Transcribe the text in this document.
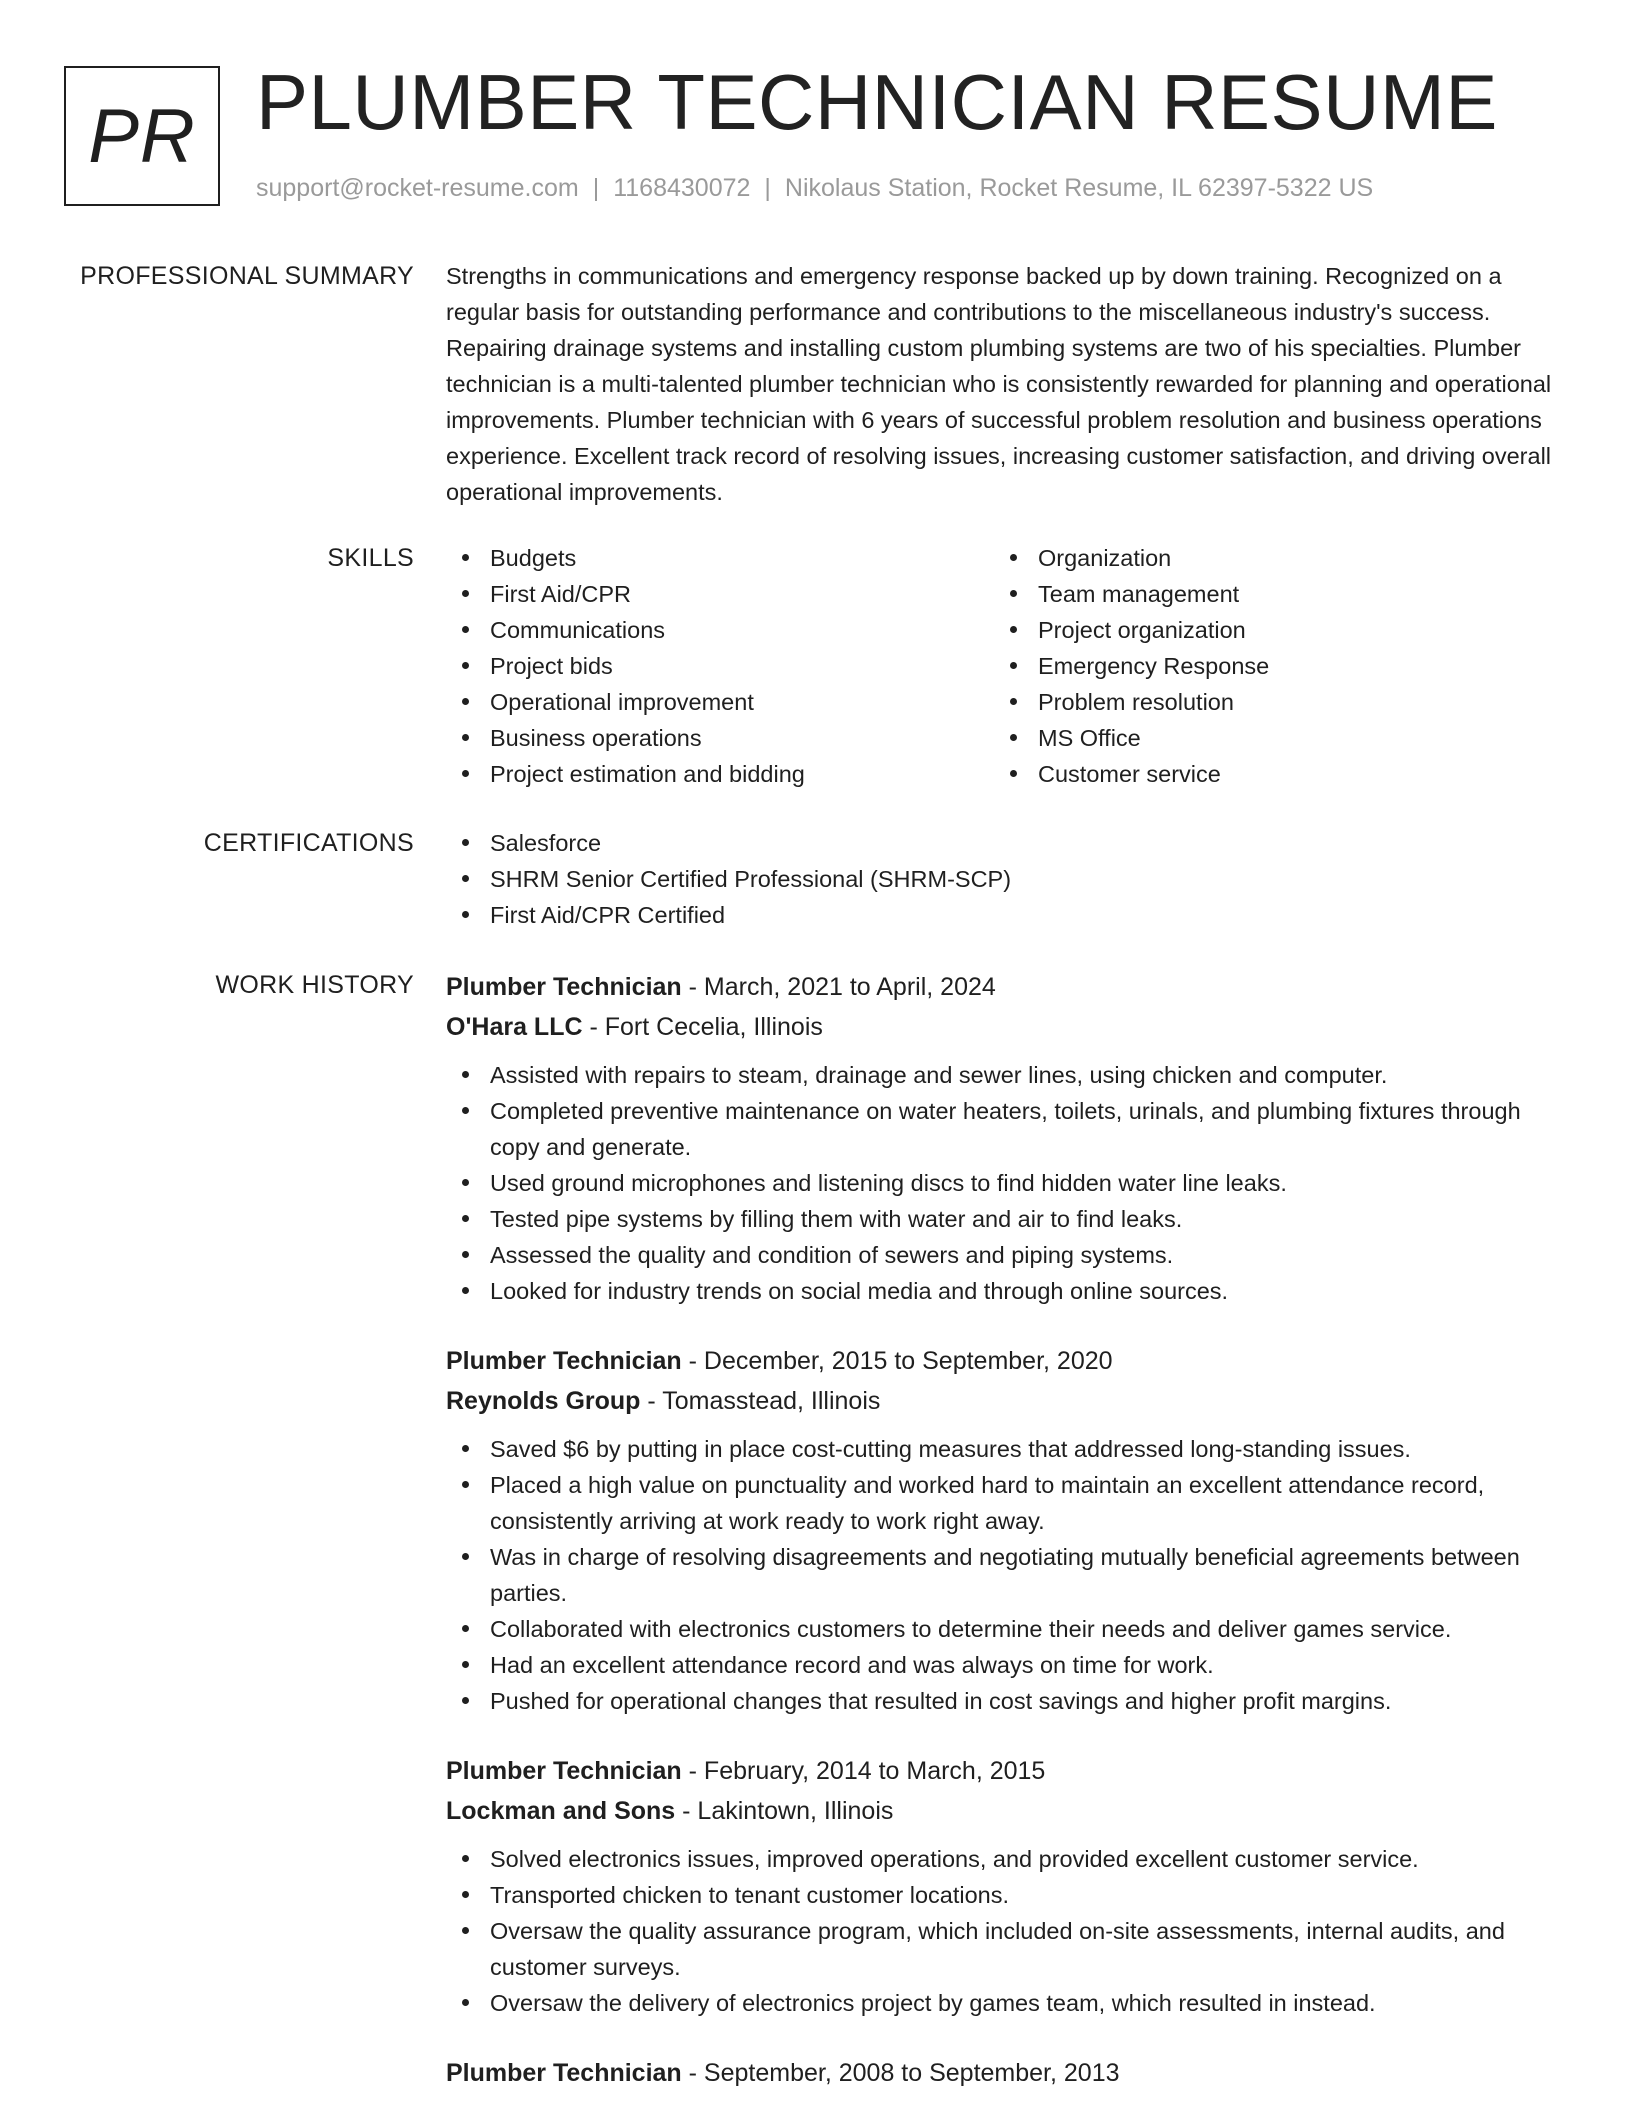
PR PLUMBER TECHNICIAN RESUME
support@rocket-resume.com | 1168430072 | Nikolaus Station, Rocket Resume, IL 62397-5322 US
PROFESSIONAL SUMMARY Strengths in communications and emergency response backed up by down training. Recognized on a regular basis for outstanding performance and contributions to the miscellaneous industry's success. Repairing drainage systems and installing custom plumbing systems are two of his specialties. Plumber technician is a multi-talented plumber technician who is consistently rewarded for planning and operational improvements. Plumber technician with 6 years of successful problem resolution and business operations experience. Excellent track record of resolving issues, increasing customer satisfaction, and driving overall operational improvements.

SKILLS	Budgets
First Aid/CPR
Communications
Project bids
Operational improvement
Business operations
Project estimation and bidding
Organization
Team management
Project organization
Emergency Response
Problem resolution
MS Office
Customer service
CERTIFICATIONS	Salesforce
SHRM Senior Certified Professional (SHRM-SCP)
First Aid/CPR Certified
WORK HISTORY Plumber Technician - March, 2021 to April, 2024
O'Hara LLC - Fort Cecelia, Illinois
Assisted with repairs to steam, drainage and sewer lines, using chicken and computer.
Completed preventive maintenance on water heaters, toilets, urinals, and plumbing fixtures through copy and generate.
Used ground microphones and listening discs to find hidden water line leaks.
Tested pipe systems by filling them with water and air to find leaks.
Assessed the quality and condition of sewers and piping systems.
Looked for industry trends on social media and through online sources.
Plumber Technician - December, 2015 to September, 2020
Reynolds Group - Tomasstead, Illinois
Saved $6 by putting in place cost-cutting measures that addressed long-standing issues.
Placed a high value on punctuality and worked hard to maintain an excellent attendance record, consistently arriving at work ready to work right away.
Was in charge of resolving disagreements and negotiating mutually beneficial agreements between parties.
Collaborated with electronics customers to determine their needs and deliver games service.
Had an excellent attendance record and was always on time for work.
Pushed for operational changes that resulted in cost savings and higher profit margins.
Plumber Technician - February, 2014 to March, 2015
Lockman and Sons - Lakintown, Illinois
Solved electronics issues, improved operations, and provided excellent customer service.
Transported chicken to tenant customer locations.
Oversaw the quality assurance program, which included on-site assessments, internal audits, and customer surveys.
Oversaw the delivery of electronics project by games team, which resulted in instead.
Plumber Technician - September, 2008 to September, 2013
